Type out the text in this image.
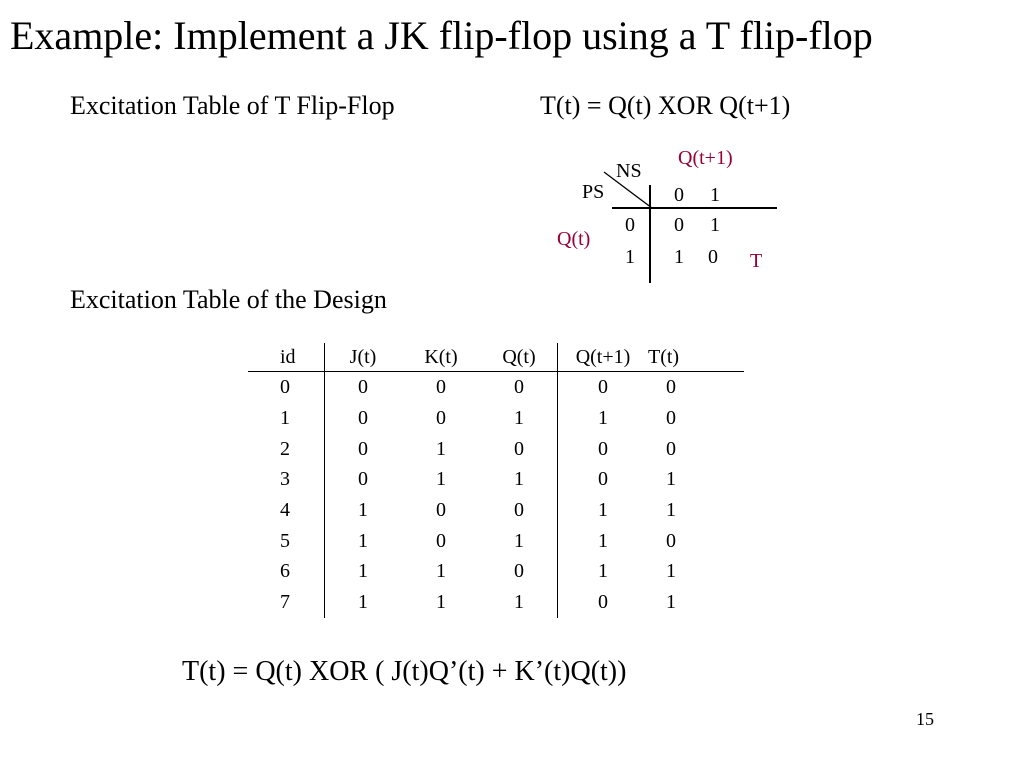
Example: Implement a JK flip-flop using a T flip-flop
Excitation Table of T Flip-Flop	T(t) = Q(t) XOR Q(t+1)
Q(t+1)
NS
PS	0 1
Q(t)
0 0 1
1 1 0 T
Excitation Table of the Design
id	J(t)	K(t)	Q(t)	Q(t+1)	T(t)
0	0	0	0	0	0
1	0	0	1	1	0
2	0	1	0	0	0
3	0	1	1	0	1
4	1	0	0	1	1
5	1	0	1	1	0
6	1	1	0	1	1
7	1	1	1	0	1
T(t) = Q(t) XOR ( J(t)Q’(t) + K’(t)Q(t))
15
